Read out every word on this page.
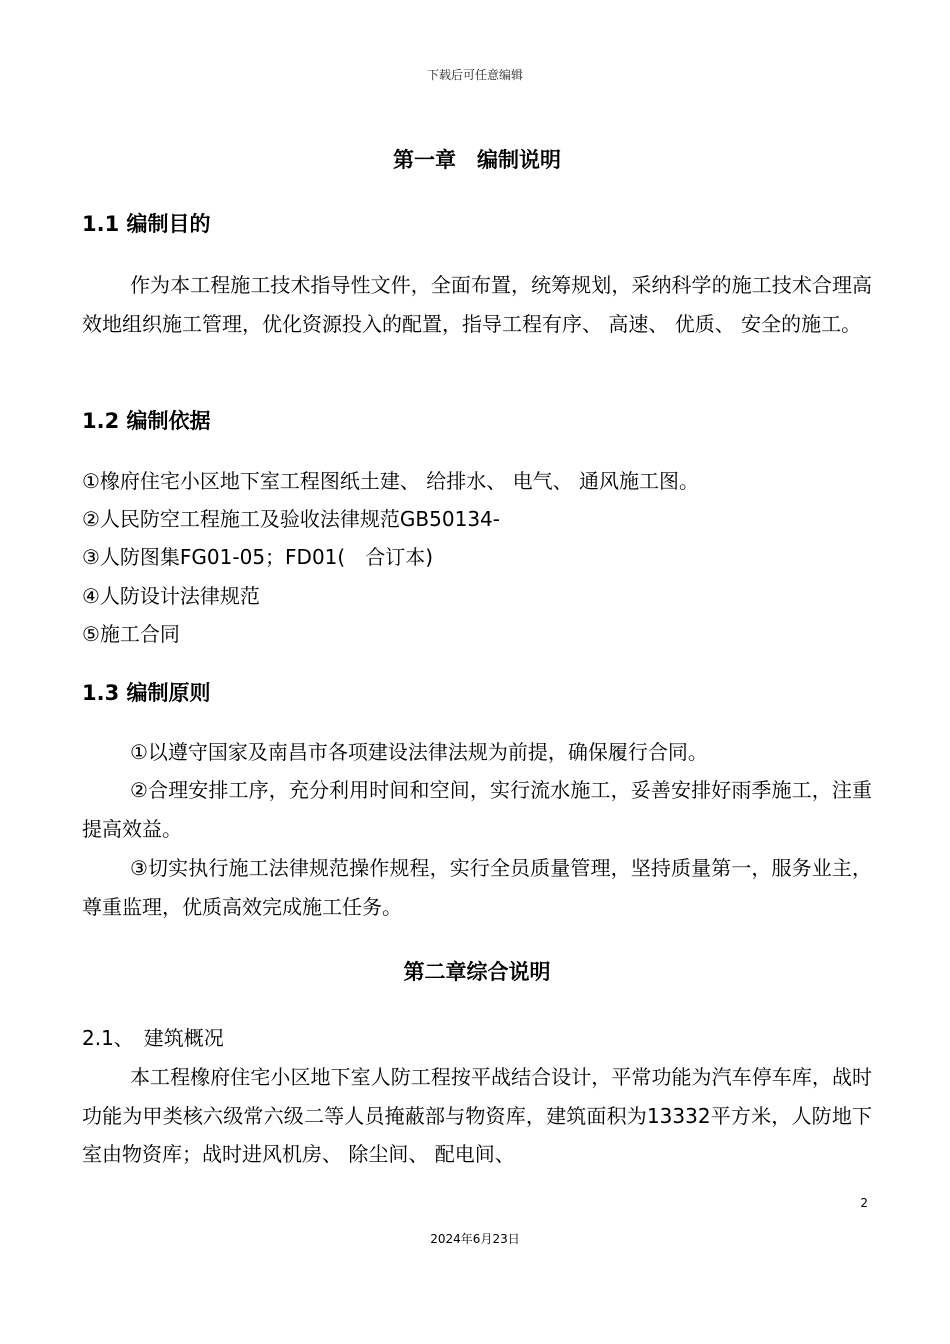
下载后可任意编辑
第一章　编制说明
1.1 编制目的

作为本工程施工技术指导性文件，全面布置，统筹规划，采纳科学的施工技术合理高效地组织施工管理，优化资源投入的配置，指导工程有序、 高速、 优质、 安全的施工。

1.2 编制依据
①橡府住宅小区地下室工程图纸土建、 给排水、 电气、 通风施工图。
②人民防空工程施工及验收法律规范GB50134-
③人防图集FG01-05；FD01(　合订本)
④人防设计法律规范
⑤施工合同
1.3 编制原则

①以遵守国家及南昌市各项建设法律法规为前提，确保履行合同。

②合理安排工序，充分利用时间和空间，实行流水施工，妥善安排好雨季施工，注重提高效益。

③切实执行施工法律规范操作规程，实行全员质量管理，坚持质量第一，服务业主，尊重监理，优质高效完成施工任务。

第二章综合说明
2.1、　建筑概况

本工程橡府住宅小区地下室人防工程按平战结合设计，平常功能为汽车停车库，战时功能为甲类核六级常六级二等人员掩蔽部与物资库，建筑面积为13332平方米，人防地下室由物资库；战时进风机房、 除尘间、 配电间、

2
2024年6月23日
